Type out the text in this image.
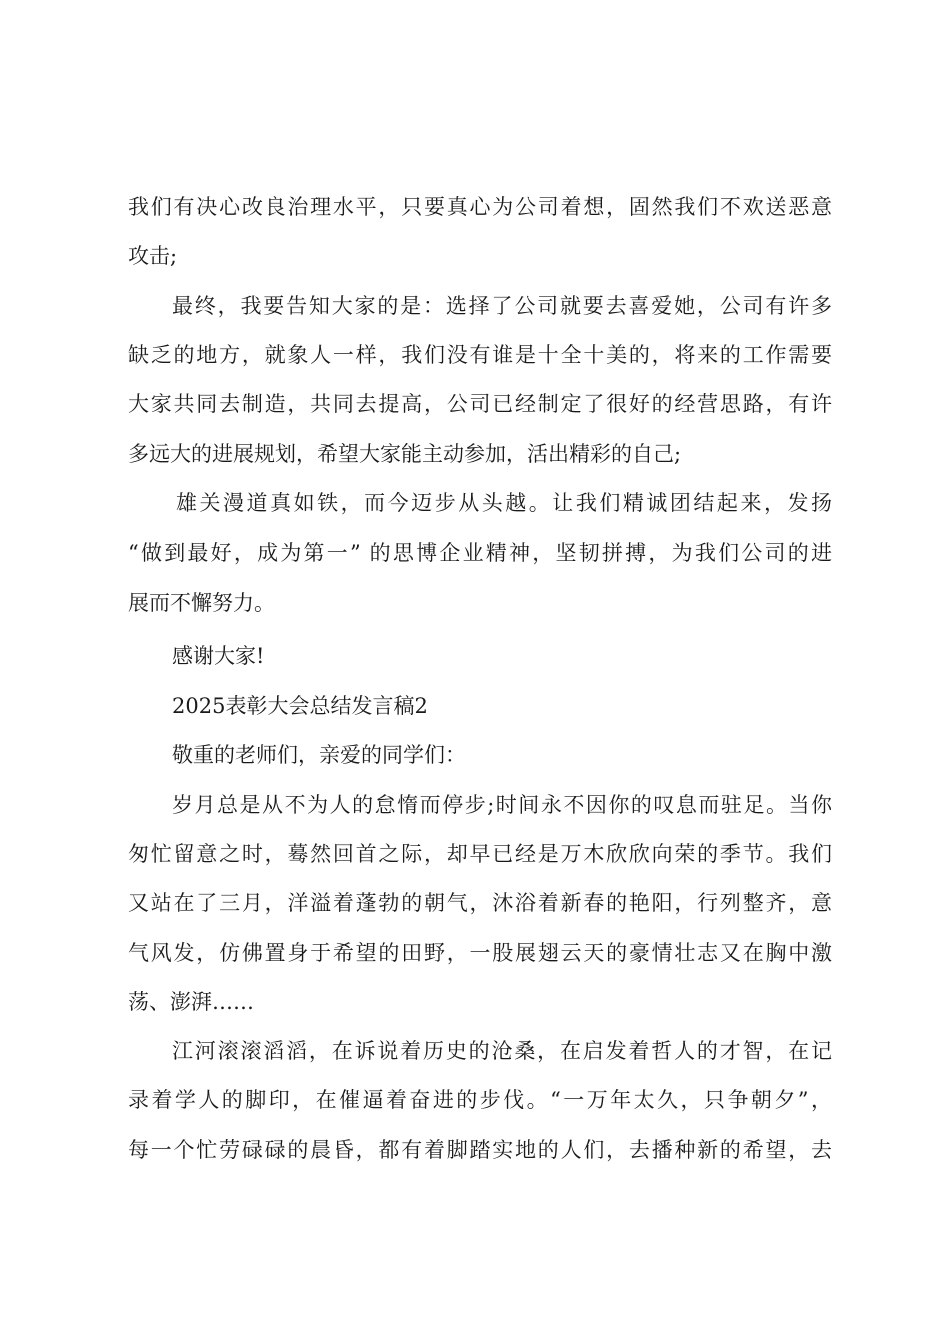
我们有决心改良治理水平，只要真心为公司着想，固然我们不欢送恶意
攻击;
最终，我要告知大家的是：选择了公司就要去喜爱她，公司有许多
缺乏的地方，就象人一样，我们没有谁是十全十美的，将来的工作需要
大家共同去制造，共同去提高，公司已经制定了很好的经营思路，有许
多远大的进展规划，希望大家能主动参加，活出精彩的自己;
雄关漫道真如铁，而今迈步从头越。让我们精诚团结起来，发扬
“做到最好，成为第一” 的思博企业精神，坚韧拼搏，为我们公司的进
展而不懈努力。
感谢大家!
2025表彰大会总结发言稿2
敬重的老师们，亲爱的同学们：
岁月总是从不为人的怠惰而停步;时间永不因你的叹息而驻足。当你
匆忙留意之时，蓦然回首之际，却早已经是万木欣欣向荣的季节。我们
又站在了三月，洋溢着蓬勃的朝气，沐浴着新春的艳阳，行列整齐，意
气风发，仿佛置身于希望的田野，一股展翅云天的豪情壮志又在胸中激
荡、澎湃……
江河滚滚滔滔，在诉说着历史的沧桑，在启发着哲人的才智，在记
录着学人的脚印，在催逼着奋进的步伐。“一万年太久，只争朝夕”，
每一个忙劳碌碌的晨昏，都有着脚踏实地的人们，去播种新的希望，去
